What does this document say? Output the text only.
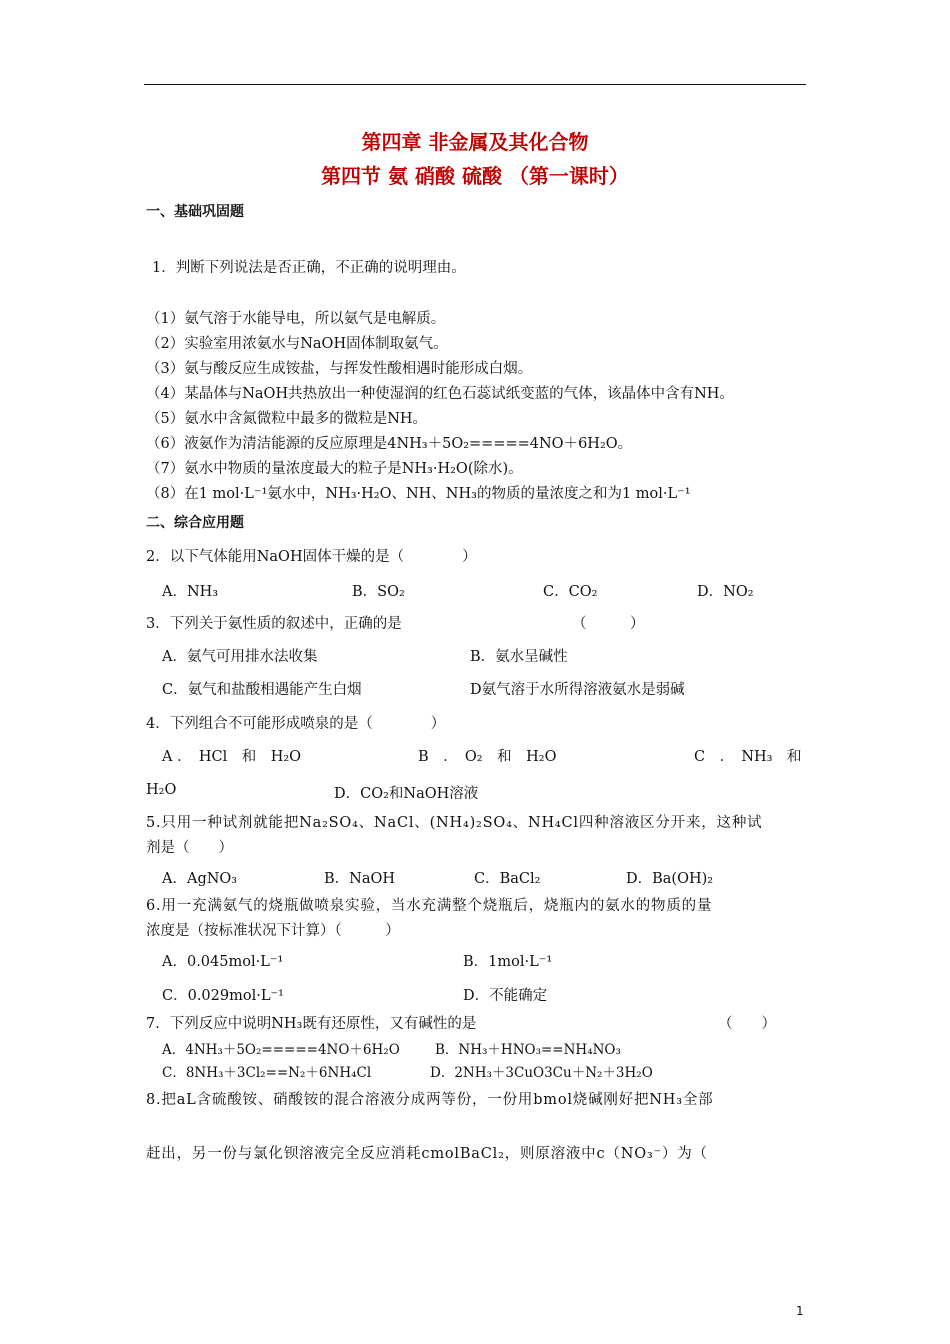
第四章 非金属及其化合物
第四节 氨 硝酸 硫酸 （第一课时）
一、基础巩固题
1．判断下列说法是否正确，不正确的说明理由。
（1）氨气溶于水能导电，所以氨气是电解质。
（2）实验室用浓氨水与NaOH固体制取氨气。
（3）氨与酸反应生成铵盐，与挥发性酸相遇时能形成白烟。
（4）某晶体与NaOH共热放出一种使湿润的红色石蕊试纸变蓝的气体，该晶体中含有NH。
（5）氨水中含氮微粒中最多的微粒是NH。
（6）液氨作为清洁能源的反应原理是4NH₃＋5O₂=====4NO＋6H₂O。
（7）氨水中物质的量浓度最大的粒子是NH₃·H₂O(除水)。
（8）在1 mol·L⁻¹氨水中，NH₃·H₂O、NH、NH₃的物质的量浓度之和为1 mol·L⁻¹
二、综合应用题
2．以下气体能用NaOH固体干燥的是（　　　　）
A．NH₃	B．SO₂	C．CO₂	D．NO₂
3．下列关于氨性质的叙述中，正确的是	（　　　）
A．氨气可用排水法收集	B．氨水呈碱性
C．氨气和盐酸相遇能产生白烟	D氨气溶于水所得溶液氨水是弱碱
4．下列组合不可能形成喷泉的是（　　　　）
A ．　HCl　和　H₂O	B　．　O₂　和　H₂O	C　．　NH₃　和
H₂O	D．CO₂和NaOH溶液
5.只用一种试剂就能把Na₂SO₄、NaCl、(NH₄)₂SO₄、NH₄Cl四种溶液区分开来，这种试
剂是（　　）
A．AgNO₃	B．NaOH	C．BaCl₂	D．Ba(OH)₂
6.用一充满氨气的烧瓶做喷泉实验，当水充满整个烧瓶后，烧瓶内的氨水的物质的量
浓度是（按标准状况下计算）（　　　）
A．0.045mol·L⁻¹	B．1mol·L⁻¹
C．0.029mol·L⁻¹	D．不能确定
7．下列反应中说明NH₃既有还原性，又有碱性的是	（　　）
A．4NH₃＋5O₂=====4NO＋6H₂O	B．NH₃＋HNO₃==NH₄NO₃
C．8NH₃＋3Cl₂==N₂＋6NH₄Cl	D．2NH₃＋3CuO3Cu＋N₂＋3H₂O
8.把aL含硫酸铵、硝酸铵的混合溶液分成两等份，一份用bmol烧碱刚好把NH₃全部
赶出，另一份与氯化钡溶液完全反应消耗cmolBaCl₂，则原溶液中c（NO₃⁻）为（
1
